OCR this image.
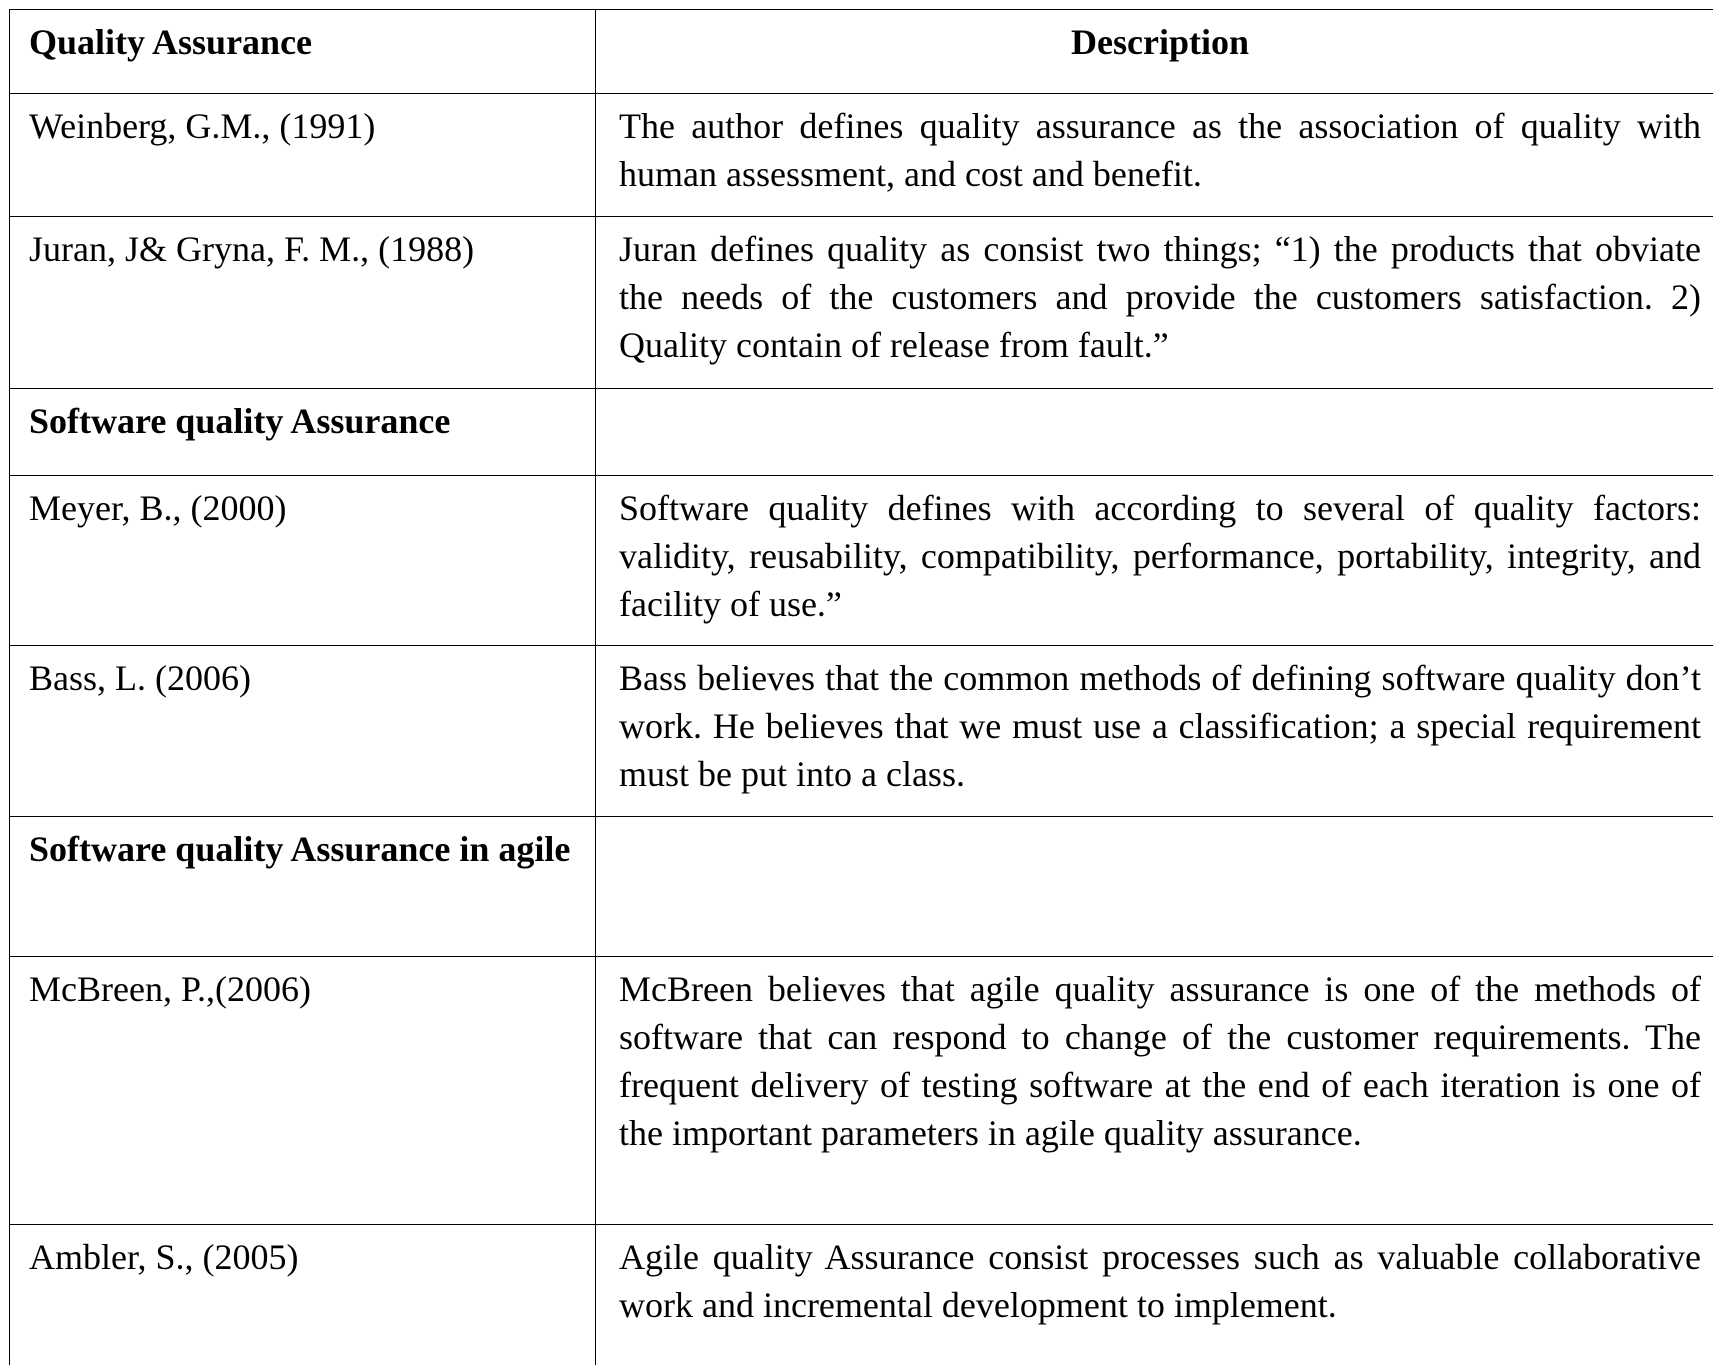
Quality Assurance	Description
Weinberg, G.M., (1991)	The author defines quality assurance as the association of quality with human assessment, and cost and benefit.
Juran, J& Gryna, F. M., (1988)	Juran defines quality as consist two things; “1) the products that obviate the needs of the customers and provide the customers satisfaction. 2) Quality contain of release from fault.”
Software quality Assurance	
Meyer, B., (2000)	Software quality defines with according to several of quality factors: validity, reusability, compatibility, performance, portability, integrity, and facility of use.”
Bass, L. (2006)	Bass believes that the common methods of defining software quality don’t work. He believes that we must use a classification; a special requirement must be put into a class.
Software quality Assurance in agile	
McBreen, P.,(2006)	McBreen believes that agile quality assurance is one of the methods of software that can respond to change of the customer requirements. The frequent delivery of testing software at the end of each iteration is one of the important parameters in agile quality assurance.
Ambler, S., (2005)	Agile quality Assurance consist processes such as valuable collaborative work and incremental development to implement.
